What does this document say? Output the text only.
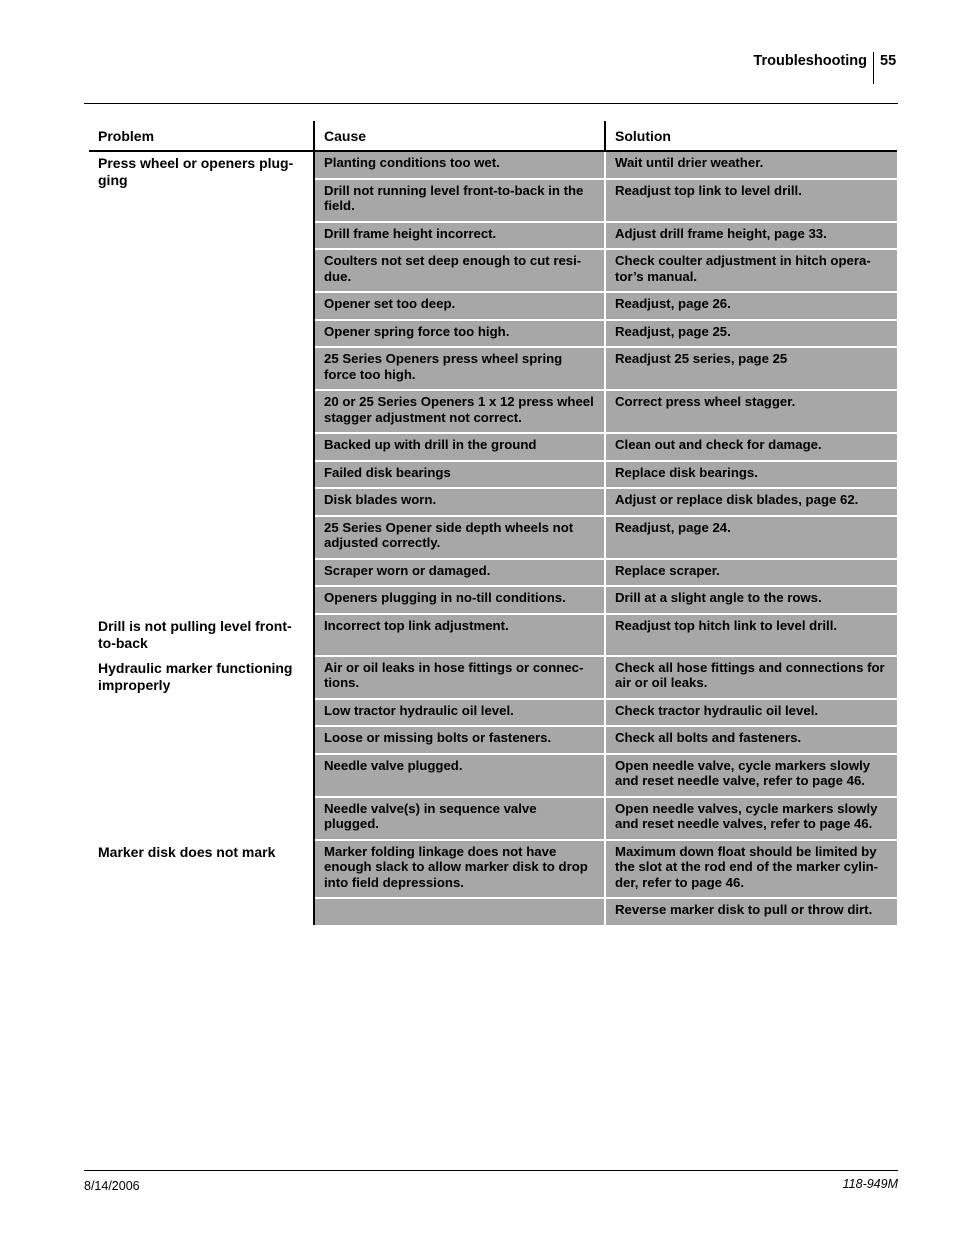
Troubleshooting 55
Problem	Cause	Solution
Press wheel or openers plug-ging	Planting conditions too wet.	Wait until drier weather.
	Drill not running level front-to-back in the field.	Readjust top link to level drill.
	Drill frame height incorrect.	Adjust drill frame height, page 33.
	Coulters not set deep enough to cut resi-due.	Check coulter adjustment in hitch opera-tor’s manual.
	Opener set too deep.	Readjust, page 26.
	Opener spring force too high.	Readjust, page 25.
	25 Series Openers press wheel spring force too high.	Readjust 25 series, page 25
	20 or 25 Series Openers 1 x 12 press wheel stagger adjustment not correct.	Correct press wheel stagger.
	Backed up with drill in the ground	Clean out and check for damage.
	Failed disk bearings	Replace disk bearings.
	Disk blades worn.	Adjust or replace disk blades, page 62.
	25 Series Opener side depth wheels not adjusted correctly.	Readjust, page 24.
	Scraper worn or damaged.	Replace scraper.
	Openers plugging in no-till conditions.	Drill at a slight angle to the rows.
Drill is not pulling level front-to-back	Incorrect top link adjustment.	Readjust top hitch link to level drill.
Hydraulic marker functioning improperly	Air or oil leaks in hose fittings or connec-tions.	Check all hose fittings and connections for air or oil leaks.
	Low tractor hydraulic oil level.	Check tractor hydraulic oil level.
	Loose or missing bolts or fasteners.	Check all bolts and fasteners.
	Needle valve plugged.	Open needle valve, cycle markers slowly and reset needle valve, refer to page 46.
	Needle valve(s) in sequence valve plugged.	Open needle valves, cycle markers slowly and reset needle valves, refer to page 46.
Marker disk does not mark	Marker folding linkage does not have enough slack to allow marker disk to drop into field depressions.	Maximum down float should be limited by the slot at the rod end of the marker cylin-der, refer to page 46.
		Reverse marker disk to pull or throw dirt.
8/14/2006	118-949M
